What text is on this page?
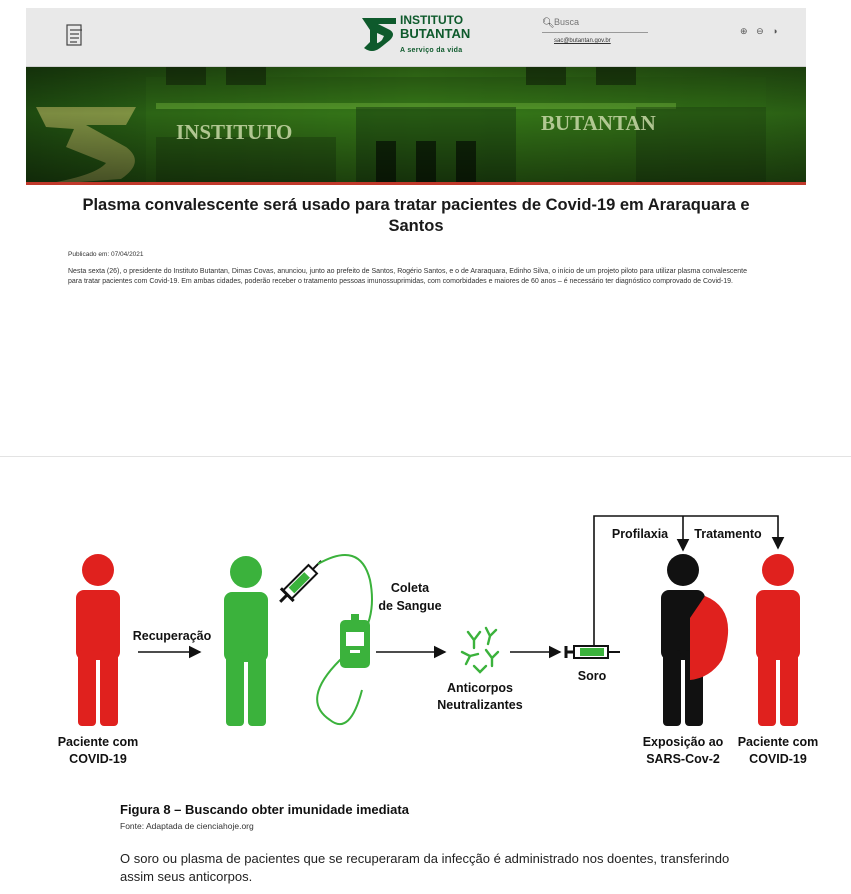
INSTITUTO
BUTANTAN
A serviço da vida
🔍︎
Busca
sac@butantan.gov.br
⊕ ⊖ ◑
INSTITUTO	BUTANTAN
Plasma convalescente será usado para tratar pacientes de Covid-19 em Araraquara e Santos
Publicado em: 07/04/2021
Nesta sexta (26), o presidente do Instituto Butantan, Dimas Covas, anunciou, junto ao prefeito de Santos, Rogério Santos, e o de Araraquara, Edinho Silva, o início de um projeto piloto para utilizar plasma convalescente para tratar pacientes com Covid-19. Em ambas cidades, poderão receber o tratamento pessoas imunossuprimidas, com comorbidades e maiores de 60 anos – é necessário ter diagnóstico comprovado de Covid-19.
Paciente com
COVID-19
Recuperação
Coleta
de Sangue
Anticorpos
Neutralizantes
Soro
Profilaxia Tratamento
Exposição ao
SARS-Cov-2
Paciente com
COVID-19
Figura 8 – Buscando obter imunidade imediata
Fonte: Adaptada de cienciahoje.org
O soro ou plasma de pacientes que se recuperaram da infecção é administrado nos doentes, transferindo assim seus anticorpos.
